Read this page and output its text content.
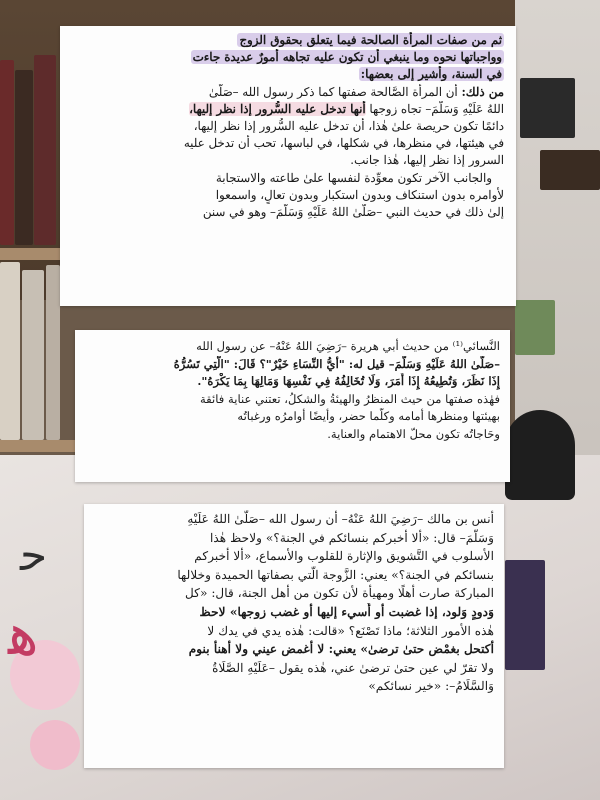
ﻫ
ﺣ
ثم من صفات المرأة الصالحة فيما يتعلق بحقوق الزوج
وواجباتها نحوه وما ينبغي أن تكون عليه تجاهه أمورٌ عديدة جاءت
في السنة، وأشير إلى بعضها:
من ذلك: أن المرأة الصَّالحة صفتها كما ذكر رسول الله –صَلَّىٰ
اللهُ عَلَيْهِ وَسَلَّمَ– تجاه زوجها أنها تدخل عليه السُّرور إذا نظر إليها،
دائمًا تكون حريصة علىٰ هٰذا، أن تدخل عليه السُّرور إذا نظر إليها،
في هيئتها، في منظرها، في شكلها، في لباسها، تحب أن تدخل عليه
السرور إذا نظر إليها، هٰذا جانب.
والجانب الآخر تكون معوِّدة لنفسها علىٰ طاعته والاستجابة
لأوامره بدون استنكاف وبدون استكبار وبدون تعالٍ، واسمعوا
إلىٰ ذلك في حديث النبي –صَلَّىٰ اللهُ عَلَيْهِ وَسَلَّمَ– وهو في سنن
النَّسائي⁽¹⁾ من حديث أبي هريرة –رَضِيَ اللهُ عَنْهُ– عن رسول الله
–صَلَّىٰ اللهُ عَلَيْهِ وَسَلَّمَ– قيل له: "أيُّ النِّسَاءِ خَيْرٌ"؟ قَالَ: "الَّتِي تَسُرُّهُ
إِذَا نَظَرَ، وَتُطِيعُهُ إِذَا أَمَرَ، وَلَا تُخَالِفُهُ فِي نَفْسِهَا وَمَالِهَا بِمَا يَكْرَهُ".
فهٰذه صفتها من حيث المنظرُ والهيئةُ والشكلُ، تعتني عناية فائقة
بهيئتها ومنظرها أمامه وكلّما حضر، وأيضًا أوامرُه ورغباتُه
وحَاجاتُه تكون محلّ الاهتمام والعناية.
أنس بن مالك –رَضِيَ اللهُ عَنْهُ– أن رسول الله –صَلَّىٰ اللهُ عَلَيْهِ
وَسَلَّمَ– قال: «ألا أخبركم بنسائكم في الجنة؟» ولاحظ هٰذا
الأسلوب في التَّشويق والإثارة للقلوب والأسماع، «ألا أخبركم
بنسائكم في الجنة؟» يعني: الزَّوجة الَّتي بصفاتها الحميدة وخلالها
المباركة صارت أهلًا ومهيأة لأن تكون من أهل الجنة، قال: «كل
وَدودٍ وَلود، إذا غضبت أو أُسيء إليها أو غضب زوجها» لاحظ
هٰذه الأمور الثلاثة؛ ماذا تَصْنَع؟ «قالت: هٰذه يدي في يدك لا
أكتحل بغمْض حتىٰ ترضىٰ» يعني: لا أغمض عيني ولا أهنأ بنوم
ولا تقرّ لي عين حتىٰ ترضىٰ عني، هٰذه يقول –عَلَيْهِ الصَّلَاةُ
وَالسَّلَامُ–: «خير نسائكم»
